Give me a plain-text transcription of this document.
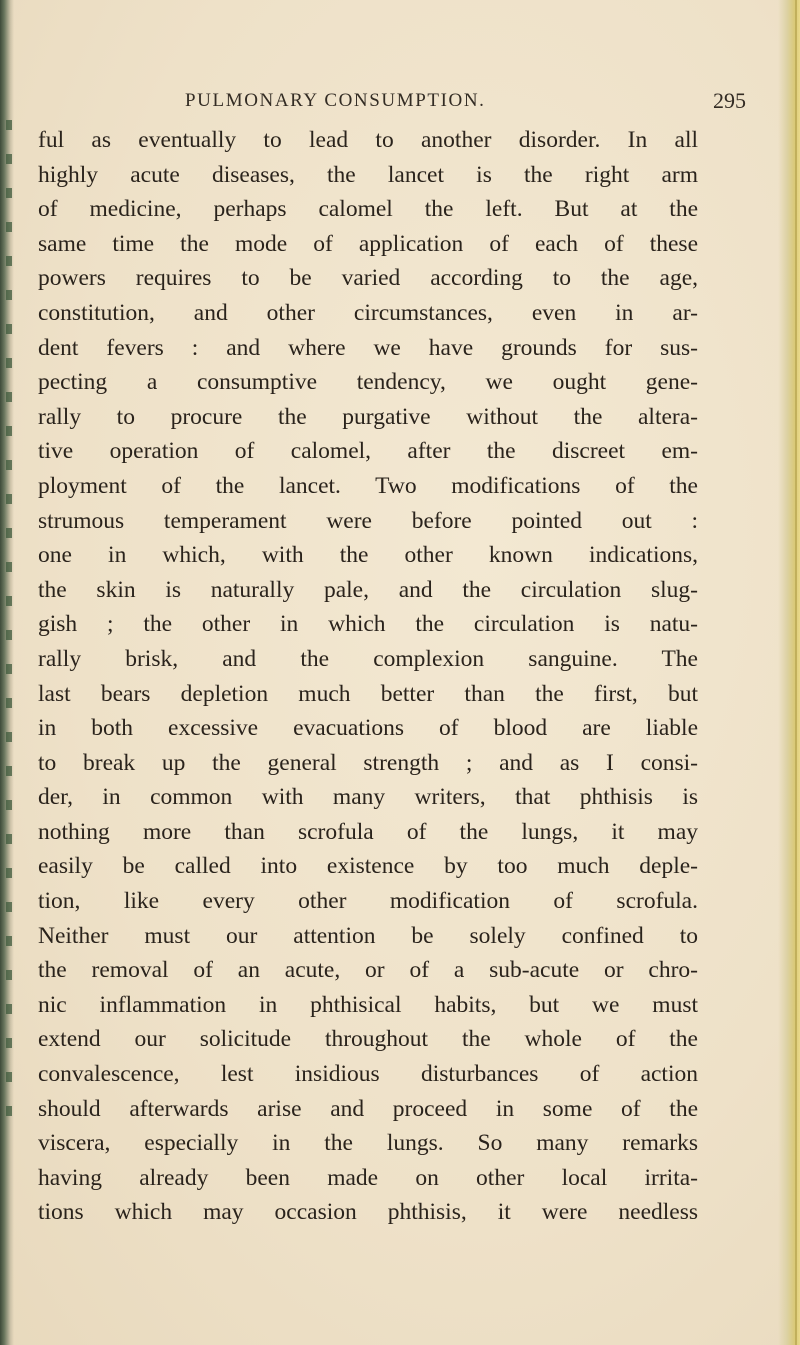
PULMONARY CONSUMPTION.	295
ful as eventually to lead to another disorder. In all
highly acute diseases, the lancet is the right arm
of medicine, perhaps calomel the left. But at the
same time the mode of application of each of these
powers requires to be varied according to the age,
constitution, and other circumstances, even in ar-
dent fevers : and where we have grounds for sus-
pecting a consumptive tendency, we ought gene-
rally to procure the purgative without the altera-
tive operation of calomel, after the discreet em-
ployment of the lancet. Two modifications of the
strumous temperament were before pointed out :
one in which, with the other known indications,
the skin is naturally pale, and the circulation slug-
gish ; the other in which the circulation is natu-
rally brisk, and the complexion sanguine. The
last bears depletion much better than the first, but
in both excessive evacuations of blood are liable
to break up the general strength ; and as I consi-
der, in common with many writers, that phthisis is
nothing more than scrofula of the lungs, it may
easily be called into existence by too much deple-
tion, like every other modification of scrofula.
Neither must our attention be solely confined to
the removal of an acute, or of a sub-acute or chro-
nic inflammation in phthisical habits, but we must
extend our solicitude throughout the whole of the
convalescence, lest insidious disturbances of action
should afterwards arise and proceed in some of the
viscera, especially in the lungs. So many remarks
having already been made on other local irrita-
tions which may occasion phthisis, it were needless
